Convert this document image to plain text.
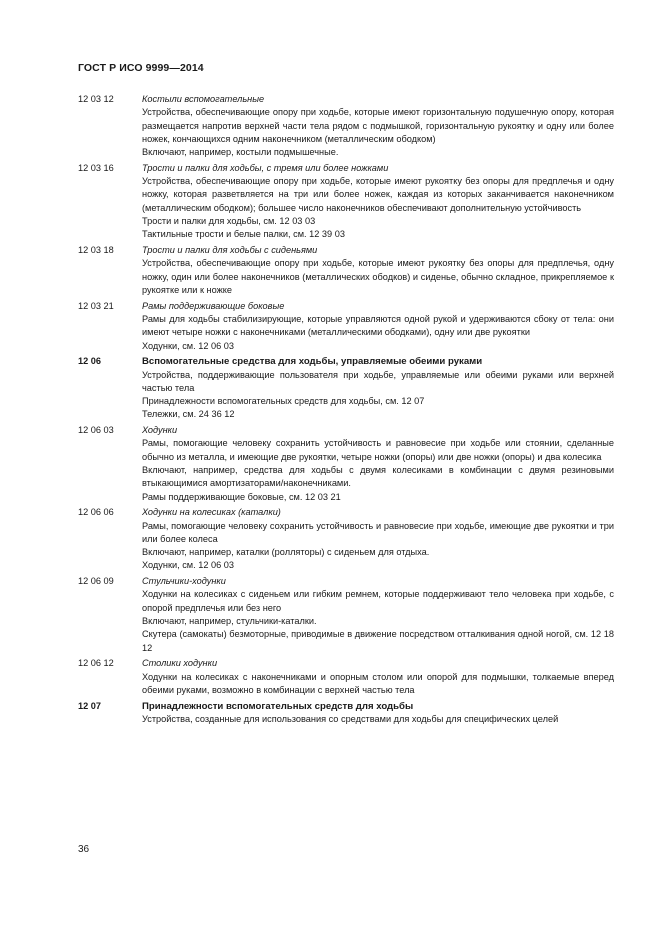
ГОСТ Р ИСО 9999—2014
12 03 12	Костыли вспомогательные
Устройства, обеспечивающие опору при ходьбе, которые имеют горизонтальную подушечную опору, которая размещается напротив верхней части тела рядом с подмышкой, горизонтальную рукоятку и одну или более ножек, кончающихся одним наконечником (металлическим ободком)
Включают, например, костыли подмышечные.
12 03 16	Трости и палки для ходьбы, с тремя или более ножками
Устройства, обеспечивающие опору при ходьбе, которые имеют рукоятку без опоры для предплечья и одну ножку, которая разветвляется на три или более ножек, каждая из которых заканчивается наконечником (металлическим ободком); большее число наконечников обеспечивают дополнительную устойчивость
Трости и палки для ходьбы, см. 12 03 03
Тактильные трости и белые палки, см. 12 39 03
12 03 18	Трости и палки для ходьбы с сиденьями
Устройства, обеспечивающие опору при ходьбе, которые имеют рукоятку без опоры для предплечья, одну ножку, один или более наконечников (металлических ободков) и сиденье, обычно складное, прикрепляемое к рукоятке или к ножке
12 03 21	Рамы поддерживающие боковые
Рамы для ходьбы стабилизирующие, которые управляются одной рукой и удерживаются сбоку от тела: они имеют четыре ножки с наконечниками (металлическими ободками), одну или две рукоятки
Ходунки, см. 12 06 03
12 06	Вспомогательные средства для ходьбы, управляемые обеими руками
Устройства, поддерживающие пользователя при ходьбе, управляемые или обеими руками или верхней частью тела
Принадлежности вспомогательных средств для ходьбы, см. 12 07
Тележки, см. 24 36 12
12 06 03	Ходунки
Рамы, помогающие человеку сохранить устойчивость и равновесие при ходьбе или стоянии, сделанные обычно из металла, и имеющие две рукоятки, четыре ножки (опоры) или две ножки (опоры) и два колесика
Включают, например, средства для ходьбы с двумя колесиками в комбинации с двумя резиновыми втыкающимися амортизаторами/наконечниками.
Рамы поддерживающие боковые, см. 12 03 21
12 06 06	Ходунки на колесиках (каталки)
Рамы, помогающие человеку сохранить устойчивость и равновесие при ходьбе, имеющие две рукоятки и три или более колеса
Включают, например, каталки (ролляторы) с сиденьем для отдыха.
Ходунки, см. 12 06 03
12 06 09	Стульчики-ходунки
Ходунки на колесиках с сиденьем или гибким ремнем, которые поддерживают тело человека при ходьбе, с опорой предплечья или без него
Включают, например, стульчики-каталки.
Скутера (самокаты) безмоторные, приводимые в движение посредством отталкивания одной ногой, см. 12 18 12
12 06 12	Столики ходунки
Ходунки на колесиках с наконечниками и опорным столом или опорой для подмышки, толкаемые вперед обеими руками, возможно в комбинации с верхней частью тела
12 07	Принадлежности вспомогательных средств для ходьбы
Устройства, созданные для использования со средствами для ходьбы для специфических целей
36
